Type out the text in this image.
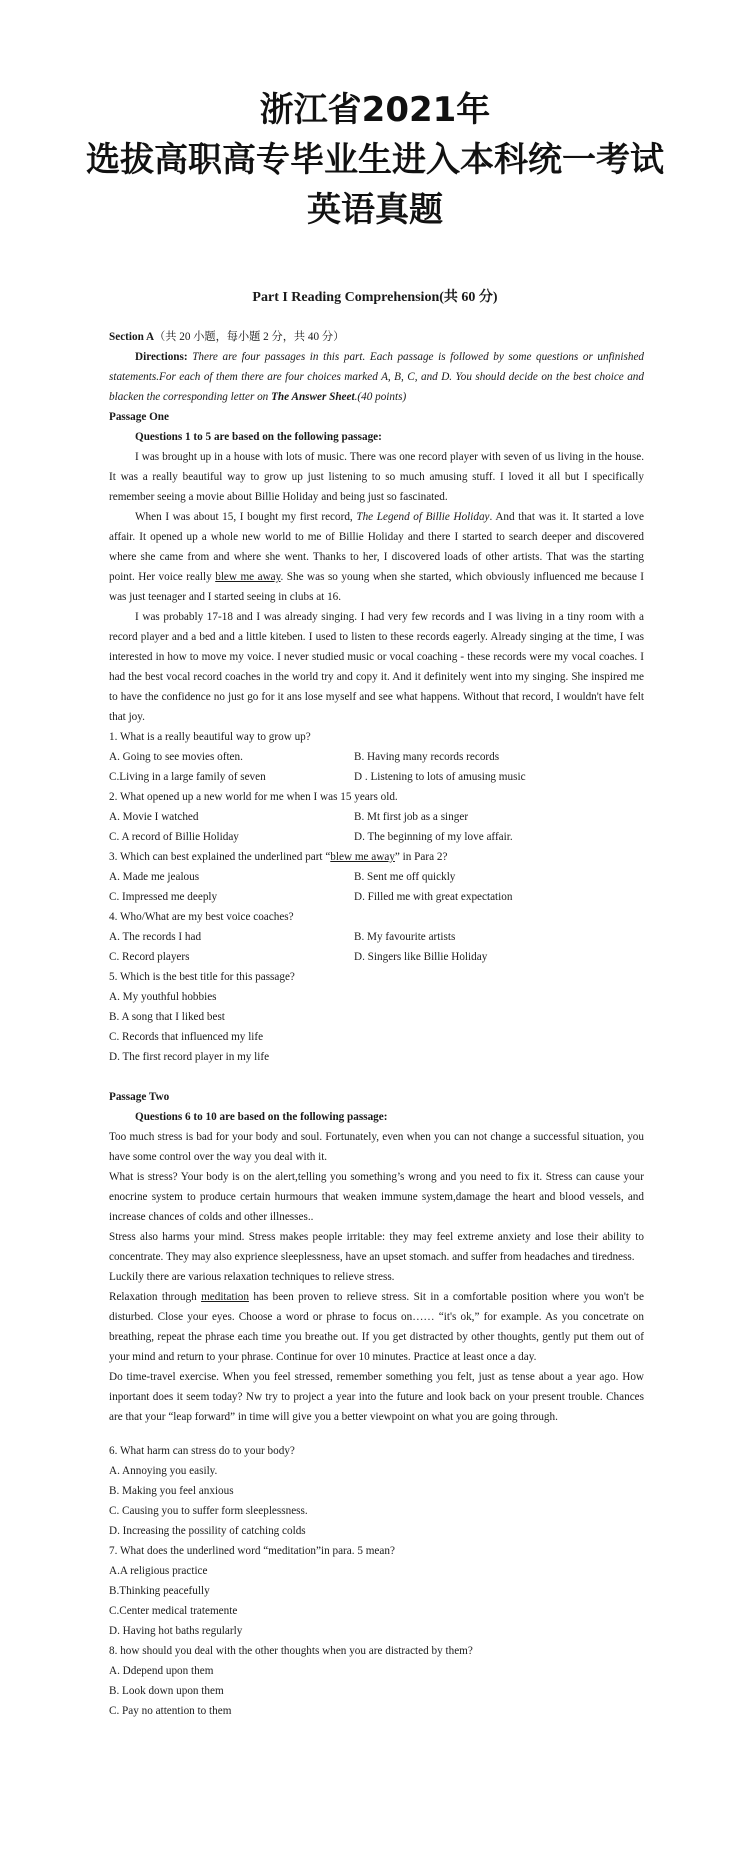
浙江省2021年
选拔高职高专毕业生进入本科统一考试
英语真题
Part I Reading Comprehension(共 60 分)
Section A（共 20 小题，每小题 2 分，共 40 分）

Directions: There are four passages in this part. Each passage is followed by some questions or unfinished statements.For each of them there are four choices marked A, B, C, and D. You should decide on the best choice and blacken the corresponding letter on The Answer Sheet.(40 points)

Passage One
Questions 1 to 5 are based on the following passage:

I was brought up in a house with lots of music. There was one record player with seven of us living in the house. It was a really beautiful way to grow up just listening to so much amusing stuff. I loved it all but I specifically remember seeing a movie about Billie Holiday and being just so fascinated.

When I was about 15, I bought my first record, The Legend of Billie Holiday. And that was it. It started a love affair. It opened up a whole new world to me of Billie Holiday and there I started to search deeper and discovered where she came from and where she went. Thanks to her, I discovered loads of other artists. That was the starting point. Her voice really blew me away. She was so young when she started, which obviously influenced me because I was just teenager and I started seeing in clubs at 16.

I was probably 17-18 and I was already singing. I had very few records and I was living in a tiny room with a record player and a bed and a little kiteben. I used to listen to these records eagerly. Already singing at the time, I was interested in how to move my voice. I never studied music or vocal coaching - these records were my vocal coaches. I had the best vocal record coaches in the world try and copy it. And it definitely went into my singing. She inspired me to have the confidence no just go for it ans lose myself and see what happens. Without that record, I wouldn't have felt that joy.

1. What is a really beautiful way to grow up?
A. Going to see movies often.	B. Having many records records
C.Living in a large family of seven	D . Listening to lots of amusing music
2. What opened up a new world for me when I was 15 years old.
A. Movie I watched	B. Mt first job as a singer
C. A record of Billie Holiday	D. The beginning of my love affair.
3. Which can best explained the underlined part “blew me away” in Para 2?
A. Made me jealous	B. Sent me off quickly
C. Impressed me deeply	D. Filled me with great expectation
4. Who/What are my best voice coaches?
A. The records I had	B. My favourite artists
C. Record players	D. Singers like Billie Holiday
5. Which is the best title for this passage?
A. My youthful hobbies
B. A song that I liked best
C. Records that influenced my life
D. The first record player in my life
Passage Two
Questions 6 to 10 are based on the following passage:

Too much stress is bad for your body and soul. Fortunately, even when you can not change a successful situation, you have some control over the way you deal with it.

What is stress? Your body is on the alert,telling you something’s wrong and you need to fix it. Stress can cause your enocrine system to produce certain hurmours that weaken immune system,damage the heart and blood vessels, and increase chances of colds and other illnesses..

Stress also harms your mind. Stress makes people irritable: they may feel extreme anxiety and lose their ability to concentrate. They may also exprience sleeplessness, have an upset stomach. and suffer from headaches and tiredness.

Luckily there are various relaxation techniques to relieve stress.

Relaxation through meditation has been proven to relieve stress. Sit in a comfortable position where you won't be disturbed. Close your eyes. Choose a word or phrase to focus on…… “it's ok,” for example. As you concetrate on breathing, repeat the phrase each time you breathe out. If you get distracted by other thoughts, gently put them out of your mind and return to your phrase. Continue for over 10 minutes. Practice at least once a day.

Do time-travel exercise. When you feel stressed, remember something you felt, just as tense about a year ago. How inportant does it seem today? Nw try to project a year into the future and look back on your present trouble. Chances are that your “leap forward” in time will give you a better viewpoint on what you are going through.

6. What harm can stress do to your body?
A. Annoying you easily.
B. Making you feel anxious
C. Causing you to suffer form sleeplessness.
D. Increasing the possility of catching colds
7. What does the underlined word “meditation”in para. 5 mean?
A.A religious practice
B.Thinking peacefully
C.Center medical tratemente
D. Having hot baths regularly
8. how should you deal with the other thoughts when you are distracted by them?
A. Ddepend upon them
B. Look down upon them
C. Pay no attention to them
